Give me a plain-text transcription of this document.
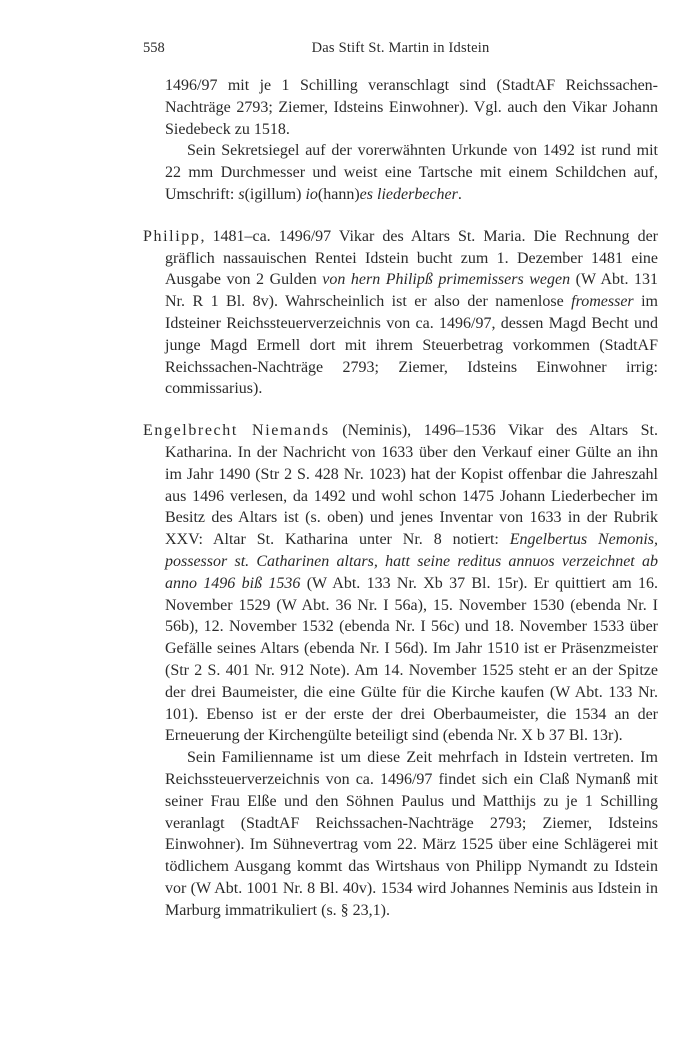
558	Das Stift St. Martin in Idstein

1496/97 mit je 1 Schilling veranschlagt sind (StadtAF Reichssachen-Nachträge 2793; Ziemer, Idsteins Einwohner). Vgl. auch den Vikar Johann Siedebeck zu 1518.

Sein Sekretsiegel auf der vorerwähnten Urkunde von 1492 ist rund mit 22 mm Durchmesser und weist eine Tartsche mit einem Schildchen auf, Umschrift: s(igillum) io(hann)es liederbecher.

Philipp, 1481–ca. 1496/97 Vikar des Altars St. Maria. Die Rechnung der gräflich nassauischen Rentei Idstein bucht zum 1. Dezember 1481 eine Ausgabe von 2 Gulden von hern Philipß primemissers wegen (W Abt. 131 Nr. R 1 Bl. 8v). Wahrscheinlich ist er also der namenlose fromesser im Idsteiner Reichssteuerverzeichnis von ca. 1496/97, dessen Magd Becht und junge Magd Ermell dort mit ihrem Steuerbetrag vorkommen (StadtAF Reichssachen-Nachträge 2793; Ziemer, Idsteins Einwohner irrig: commissarius).

Engelbrecht Niemands (Neminis), 1496–1536 Vikar des Altars St. Katharina. In der Nachricht von 1633 über den Verkauf einer Gülte an ihn im Jahr 1490 (Str 2 S. 428 Nr. 1023) hat der Kopist offenbar die Jahreszahl aus 1496 verlesen, da 1492 und wohl schon 1475 Johann Liederbecher im Besitz des Altars ist (s. oben) und jenes Inventar von 1633 in der Rubrik XXV: Altar St. Katharina unter Nr. 8 notiert: Engelbertus Nemonis, possessor st. Catharinen altars, hatt seine reditus annuos verzeichnet ab anno 1496 biß 1536 (W Abt. 133 Nr. Xb 37 Bl. 15r). Er quittiert am 16. November 1529 (W Abt. 36 Nr. I 56a), 15. November 1530 (ebenda Nr. I 56b), 12. November 1532 (ebenda Nr. I 56c) und 18. November 1533 über Gefälle seines Altars (ebenda Nr. I 56d). Im Jahr 1510 ist er Präsenzmeister (Str 2 S. 401 Nr. 912 Note). Am 14. November 1525 steht er an der Spitze der drei Baumeister, die eine Gülte für die Kirche kaufen (W Abt. 133 Nr. 101). Ebenso ist er der erste der drei Oberbaumeister, die 1534 an der Erneuerung der Kirchengülte beteiligt sind (ebenda Nr. X b 37 Bl. 13r).

Sein Familienname ist um diese Zeit mehrfach in Idstein vertreten. Im Reichssteuerverzeichnis von ca. 1496/97 findet sich ein Claß Nymanß mit seiner Frau Elße und den Söhnen Paulus und Matthijs zu je 1 Schilling veranlagt (StadtAF Reichssachen-Nachträge 2793; Ziemer, Idsteins Einwohner). Im Sühnevertrag vom 22. März 1525 über eine Schlägerei mit tödlichem Ausgang kommt das Wirtshaus von Philipp Nymandt zu Idstein vor (W Abt. 1001 Nr. 8 Bl. 40v). 1534 wird Johannes Neminis aus Idstein in Marburg immatrikuliert (s. § 23,1).
